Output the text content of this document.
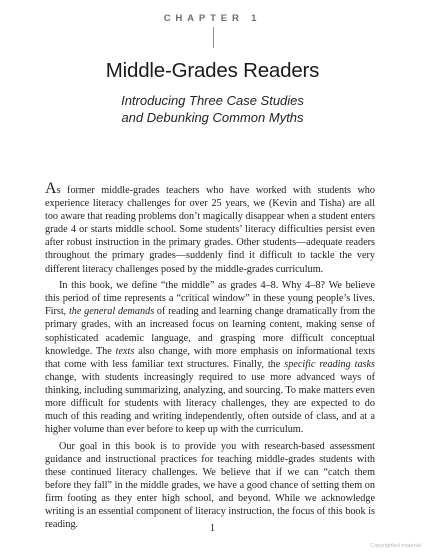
CHAPTER 1
Middle-Grades Readers
Introducing Three Case Studies
and Debunking Common Myths

As former middle-grades teachers who have worked with students who experience literacy challenges for over 25 years, we (Kevin and Tisha) are all too aware that reading problems don’t magically disappear when a student enters grade 4 or starts middle school. Some students’ literacy difficulties persist even after robust instruction in the primary grades. Other students—adequate readers throughout the primary grades—suddenly find it difficult to tackle the very different literacy challenges posed by the middle-grades curriculum.

In this book, we define “the middle” as grades 4–8. Why 4–8? We believe this period of time represents a “critical window” in these young people’s lives. First, the general demands of reading and learning change dramatically from the primary grades, with an increased focus on learning content, making sense of sophisticated academic language, and grasping more difficult conceptual knowledge. The texts also change, with more emphasis on informational texts that come with less familiar text structures. Finally, the specific reading tasks change, with students increasingly required to use more advanced ways of thinking, including summarizing, analyzing, and sourcing. To make matters even more difficult for students with literacy challenges, they are expected to do much of this reading and writing independently, often outside of class, and at a higher volume than ever before to keep up with the curriculum.

Our goal in this book is to provide you with research-based assessment guidance and instructional practices for teaching middle-grades students with these continued literacy challenges. We believe that if we can “catch them before they fall” in the middle grades, we have a good chance of setting them on firm footing as they enter high school, and beyond. While we acknowledge writing is an essential component of literacy instruction, the focus of this book is reading.	1
Copyrighted material
